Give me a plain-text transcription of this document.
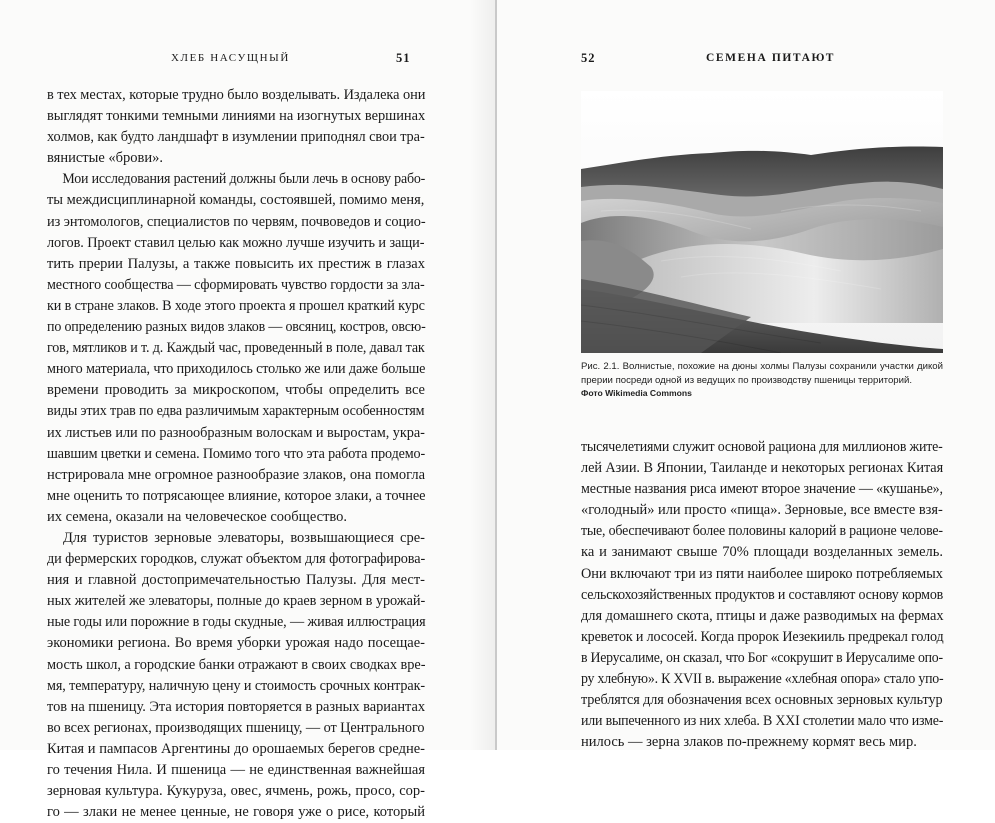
ХЛЕБ НАСУЩНЫЙ	51
в тех местах, которые трудно было возделывать. Издалека они
выглядят тонкими темными линиями на изогнутых вершинах
холмов, как будто ландшафт в изумлении приподнял свои тра-
вянистые «брови».
Мои исследования растений должны были лечь в основу рабо-
ты междисциплинарной команды, состоявшей, помимо меня,
из энтомологов, специалистов по червям, почвоведов и социо-
логов. Проект ставил целью как можно лучше изучить и защи-
тить прерии Палузы, а также повысить их престиж в глазах
местного сообщества — сформировать чувство гордости за зла-
ки в стране злаков. В ходе этого проекта я прошел краткий курс
по определению разных видов злаков — овсяниц, костров, овсю-
гов, мятликов и т. д. Каждый час, проведенный в поле, давал так
много материала, что приходилось столько же или даже больше
времени проводить за микроскопом, чтобы определить все
виды этих трав по едва различимым характерным особенностям
их листьев или по разнообразным волоскам и выростам, укра-
шавшим цветки и семена. Помимо того что эта работа продемо-
нстрировала мне огромное разнообразие злаков, она помогла
мне оценить то потрясающее влияние, которое злаки, а точнее
их семена, оказали на человеческое сообщество.
Для туристов зерновые элеваторы, возвышающиеся сре-
ди фермерских городков, служат объектом для фотографирова-
ния и главной достопримечательностью Палузы. Для мест-
ных жителей же элеваторы, полные до краев зерном в урожай-
ные годы или порожние в годы скудные, — живая иллюстрация
экономики региона. Во время уборки урожая надо посещае-
мость школ, а городские банки отражают в своих сводках вре-
мя, температуру, наличную цену и стоимость срочных контрак-
тов на пшеницу. Эта история повторяется в разных вариантах
во всех регионах, производящих пшеницу, — от Центрального
Китая и пампасов Аргентины до орошаемых берегов средне-
го течения Нила. И пшеница — не единственная важнейшая
зерновая культура. Кукуруза, овес, ячмень, рожь, просо, сор-
го — злаки не менее ценные, не говоря уже о рисе, который
52	СЕМЕНА ПИТАЮТ
Рис. 2.1. Волнистые, похожие на дюны холмы Палузы сохранили участки дикой
прерии посреди одной из ведущих по производству пшеницы территорий.
Фото Wikimedia Commons
тысячелетиями служит основой рациона для миллионов жите-
лей Азии. В Японии, Таиланде и некоторых регионах Китая
местные названия риса имеют второе значение — «кушанье»,
«голодный» или просто «пища». Зерновые, все вместе взя-
тые, обеспечивают более половины калорий в рационе челове-
ка и занимают свыше 70% площади возделанных земель.
Они включают три из пяти наиболее широко потребляемых
сельскохозяйственных продуктов и составляют основу кормов
для домашнего скота, птицы и даже разводимых на фермах
креветок и лососей. Когда пророк Иезекииль предрекал голод
в Иерусалиме, он сказал, что Бог «сокрушит в Иерусалиме опо-
ру хлебную». К XVII в. выражение «хлебная опора» стало упо-
треблятся для обозначения всех основных зерновых культур
или выпеченного из них хлеба. В XXI столетии мало что изме-
нилось — зерна злаков по-прежнему кормят весь мир.
